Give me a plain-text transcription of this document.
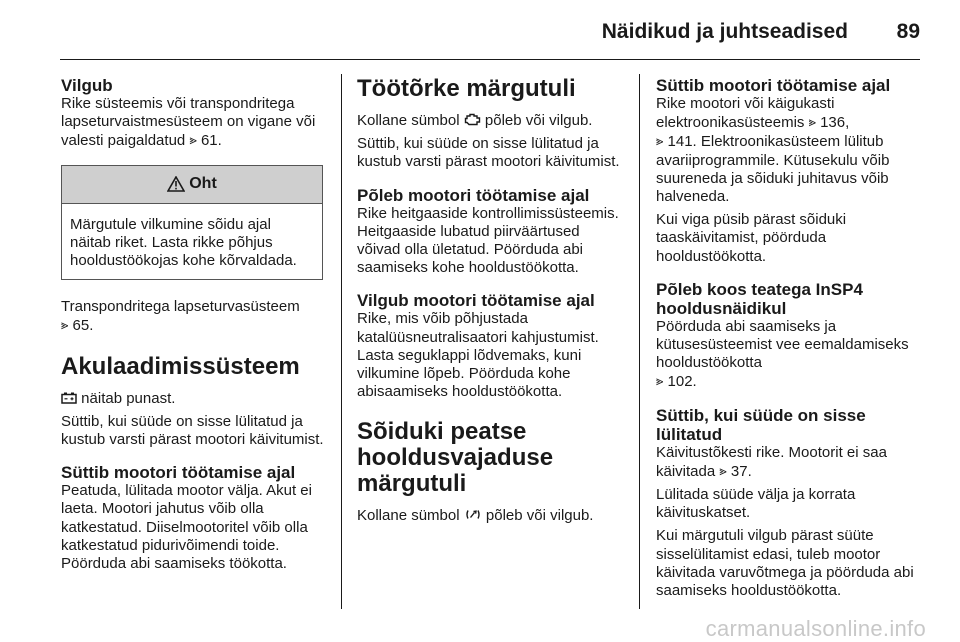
Näidikud ja juhtseadised 89
Vilgub
Rike süsteemis või transpondritega lapseturvaistmesüsteem on vigane või valesti paigaldatud ⪢ 61.
Oht
Märgutule vilkumine sõidu ajal näitab riket. Lasta rikke põhjus hooldustöökojas kohe kõrvaldada.
Transpondritega lapseturvasüsteem
⪢ 65.
Akulaadimissüsteem
näitab punast.
Süttib, kui süüde on sisse lülitatud ja kustub varsti pärast mootori käivitumist.
Süttib mootori töötamise ajal
Peatuda, lülitada mootor välja. Akut ei laeta. Mootori jahutus võib olla katkestatud. Diiselmootoritel võib olla katkestatud pidurivõimendi toide. Pöörduda abi saamiseks töökotta.
Töötõrke märgutuli
Kollane sümbol põleb või vilgub.
Süttib, kui süüde on sisse lülitatud ja kustub varsti pärast mootori käivitumist.
Põleb mootori töötamise ajal
Rike heitgaaside kontrollimissüsteemis. Heitgaaside lubatud piirväärtused võivad olla ületatud. Pöörduda abi saamiseks kohe hooldustöökotta.
Vilgub mootori töötamise ajal
Rike, mis võib põhjustada katalüüsneutralisaatori kahjustumist. Lasta seguklappi lõdvemaks, kuni vilkumine lõpeb. Pöörduda kohe abisaamiseks hooldustöökotta.
Sõiduki peatse hooldusvajaduse märgutuli
Kollane sümbol põleb või vilgub.
Süttib mootori töötamise ajal
Rike mootori või käigukasti elektroonikasüsteemis ⪢ 136,
⪢ 141. Elektroonikasüsteem lülitub avariiprogrammile. Kütusekulu võib suureneda ja sõiduki juhitavus võib halveneda.
Kui viga püsib pärast sõiduki taaskäivitamist, pöörduda hooldustöökotta.
Põleb koos teatega InSP4 hooldusnäidikul
Pöörduda abi saamiseks ja kütusesüsteemist vee eemaldamiseks hooldustöökotta
⪢ 102.
Süttib, kui süüde on sisse lülitatud
Käivitustõkesti rike. Mootorit ei saa käivitada ⪢ 37.
Lülitada süüde välja ja korrata käivituskatset.
Kui märgutuli vilgub pärast süüte sisselülitamist edasi, tuleb mootor käivitada varuvõtmega ja pöörduda abi saamiseks hooldustöökotta.
carmanualsonline.info
